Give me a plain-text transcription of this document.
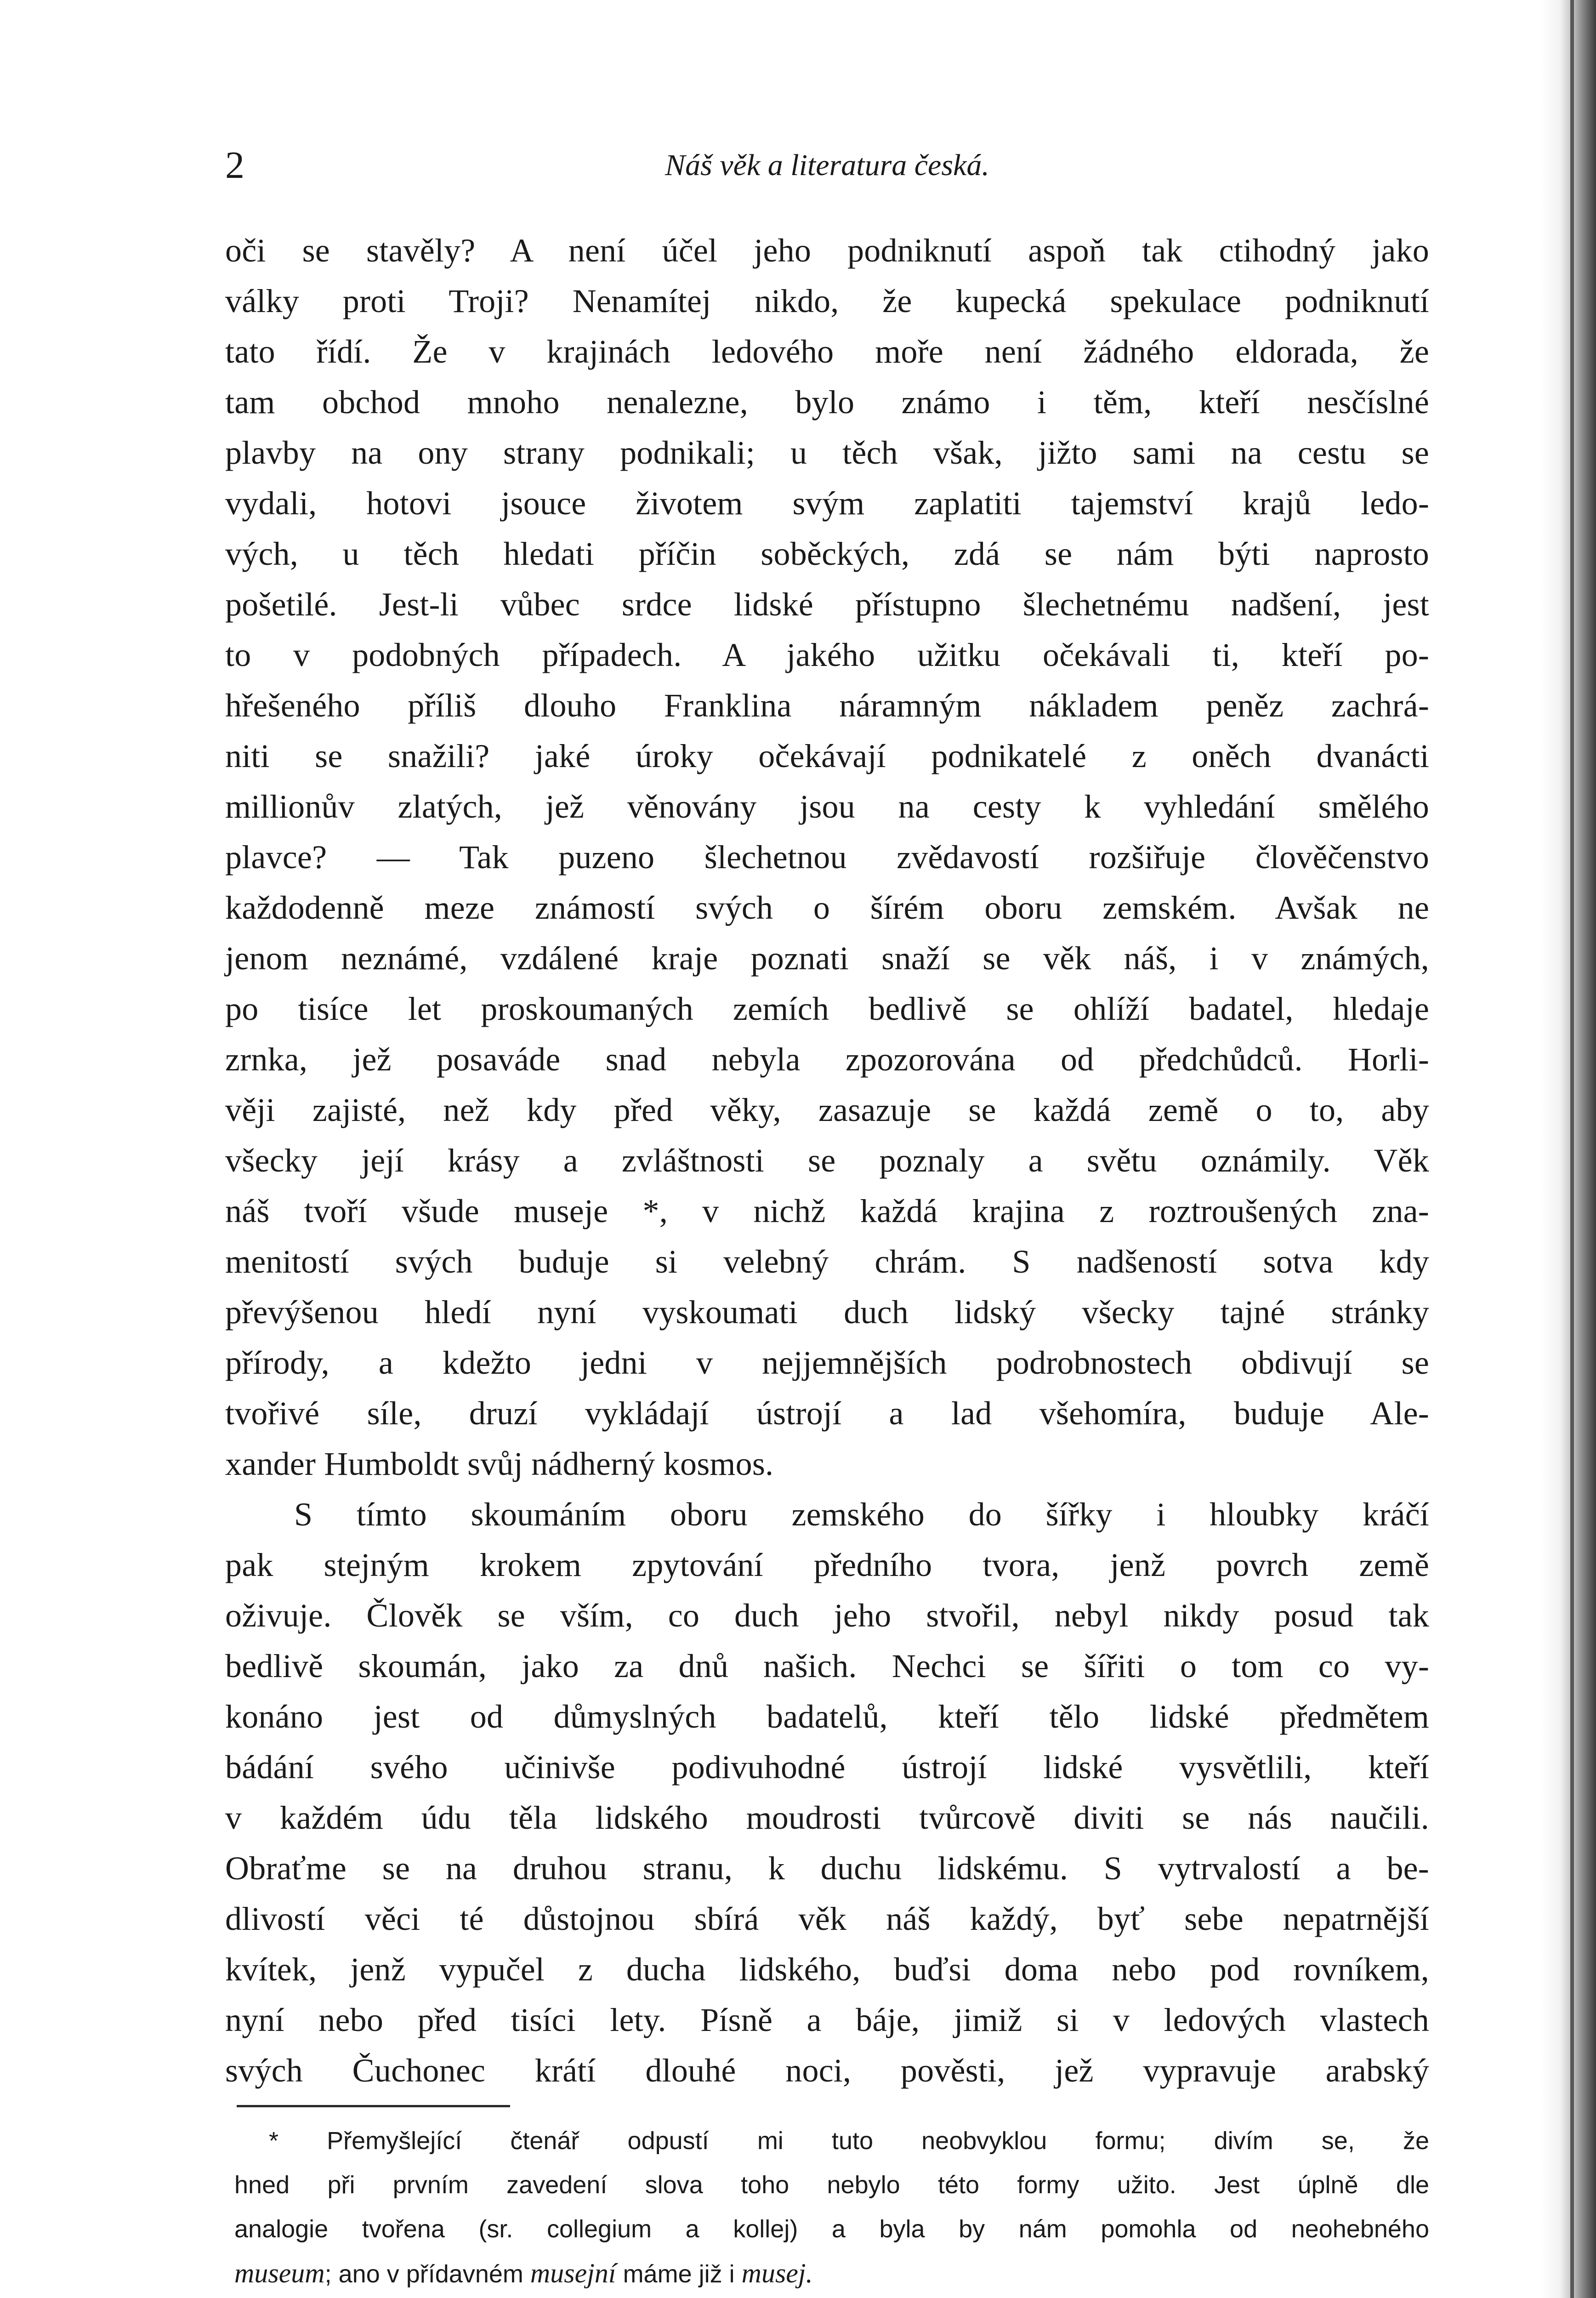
2	Náš věk a literatura česká.
oči se stavěly? A není účel jeho podniknutí aspoň tak ctihodný jako
války proti Troji? Nenamítej nikdo, že kupecká spekulace podniknutí
tato řídí. Že v krajinách ledového moře není žádného eldorada, že
tam obchod mnoho nenalezne, bylo známo i těm, kteří nesčíslné
plavby na ony strany podnikali; u těch však, jižto sami na cestu se
vydali, hotovi jsouce životem svým zaplatiti tajemství krajů ledo-
vých, u těch hledati příčin soběckých, zdá se nám býti naprosto
pošetilé. Jest-li vůbec srdce lidské přístupno šlechetnému nadšení, jest
to v podobných případech. A jakého užitku očekávali ti, kteří po-
hřešeného příliš dlouho Franklina náramným nákladem peněz zachrá-
niti se snažili? jaké úroky očekávají podnikatelé z oněch dvanácti
millionův zlatých, jež věnovány jsou na cesty k vyhledání smělého
plavce? — Tak puzeno šlechetnou zvědavostí rozšiřuje člověčenstvo
každodenně meze známostí svých o šírém oboru zemském. Avšak ne
jenom neznámé, vzdálené kraje poznati snaží se věk náš, i v známých,
po tisíce let proskoumaných zemích bedlivě se ohlíží badatel, hledaje
zrnka, jež posaváde snad nebyla zpozorována od předchůdců. Horli-
věji zajisté, než kdy před věky, zasazuje se každá země o to, aby
všecky její krásy a zvláštnosti se poznaly a světu oznámily. Věk
náš tvoří všude museje *, v nichž každá krajina z roztroušených zna-
menitostí svých buduje si velebný chrám. S nadšeností sotva kdy
převýšenou hledí nyní vyskoumati duch lidský všecky tajné stránky
přírody, a kdežto jedni v nejjemnějších podrobnostech obdivují se
tvořivé síle, druzí vykládají ústrojí a lad všehomíra, buduje Ale-
xander Humboldt svůj nádherný kosmos.
S tímto skoumáním oboru zemského do šířky i hloubky kráčí
pak stejným krokem zpytování předního tvora, jenž povrch země
oživuje. Člověk se vším, co duch jeho stvořil, nebyl nikdy posud tak
bedlivě skoumán, jako za dnů našich. Nechci se šířiti o tom co vy-
konáno jest od důmyslných badatelů, kteří tělo lidské předmětem
bádání svého učinivše podivuhodné ústrojí lidské vysvětlili, kteří
v každém údu těla lidského moudrosti tvůrcově diviti se nás naučili.
Obraťme se na druhou stranu, k duchu lidskému. S vytrvalostí a be-
dlivostí věci té důstojnou sbírá věk náš každý, byť sebe nepatrnější
kvítek, jenž vypučel z ducha lidského, buďsi doma nebo pod rovníkem,
nyní nebo před tisíci lety. Písně a báje, jimiž si v ledových vlastech
svých Čuchonec krátí dlouhé noci, pověsti, jež vypravuje arabský
* Přemyšlející čtenář odpustí mi tuto neobvyklou formu; divím se, že
hned při prvním zavedení slova toho nebylo této formy užito. Jest úplně dle
analogie tvořena (sr. collegium a kollej) a byla by nám pomohla od neohebného
museum; ano v přídavném musejní máme již i musej.
